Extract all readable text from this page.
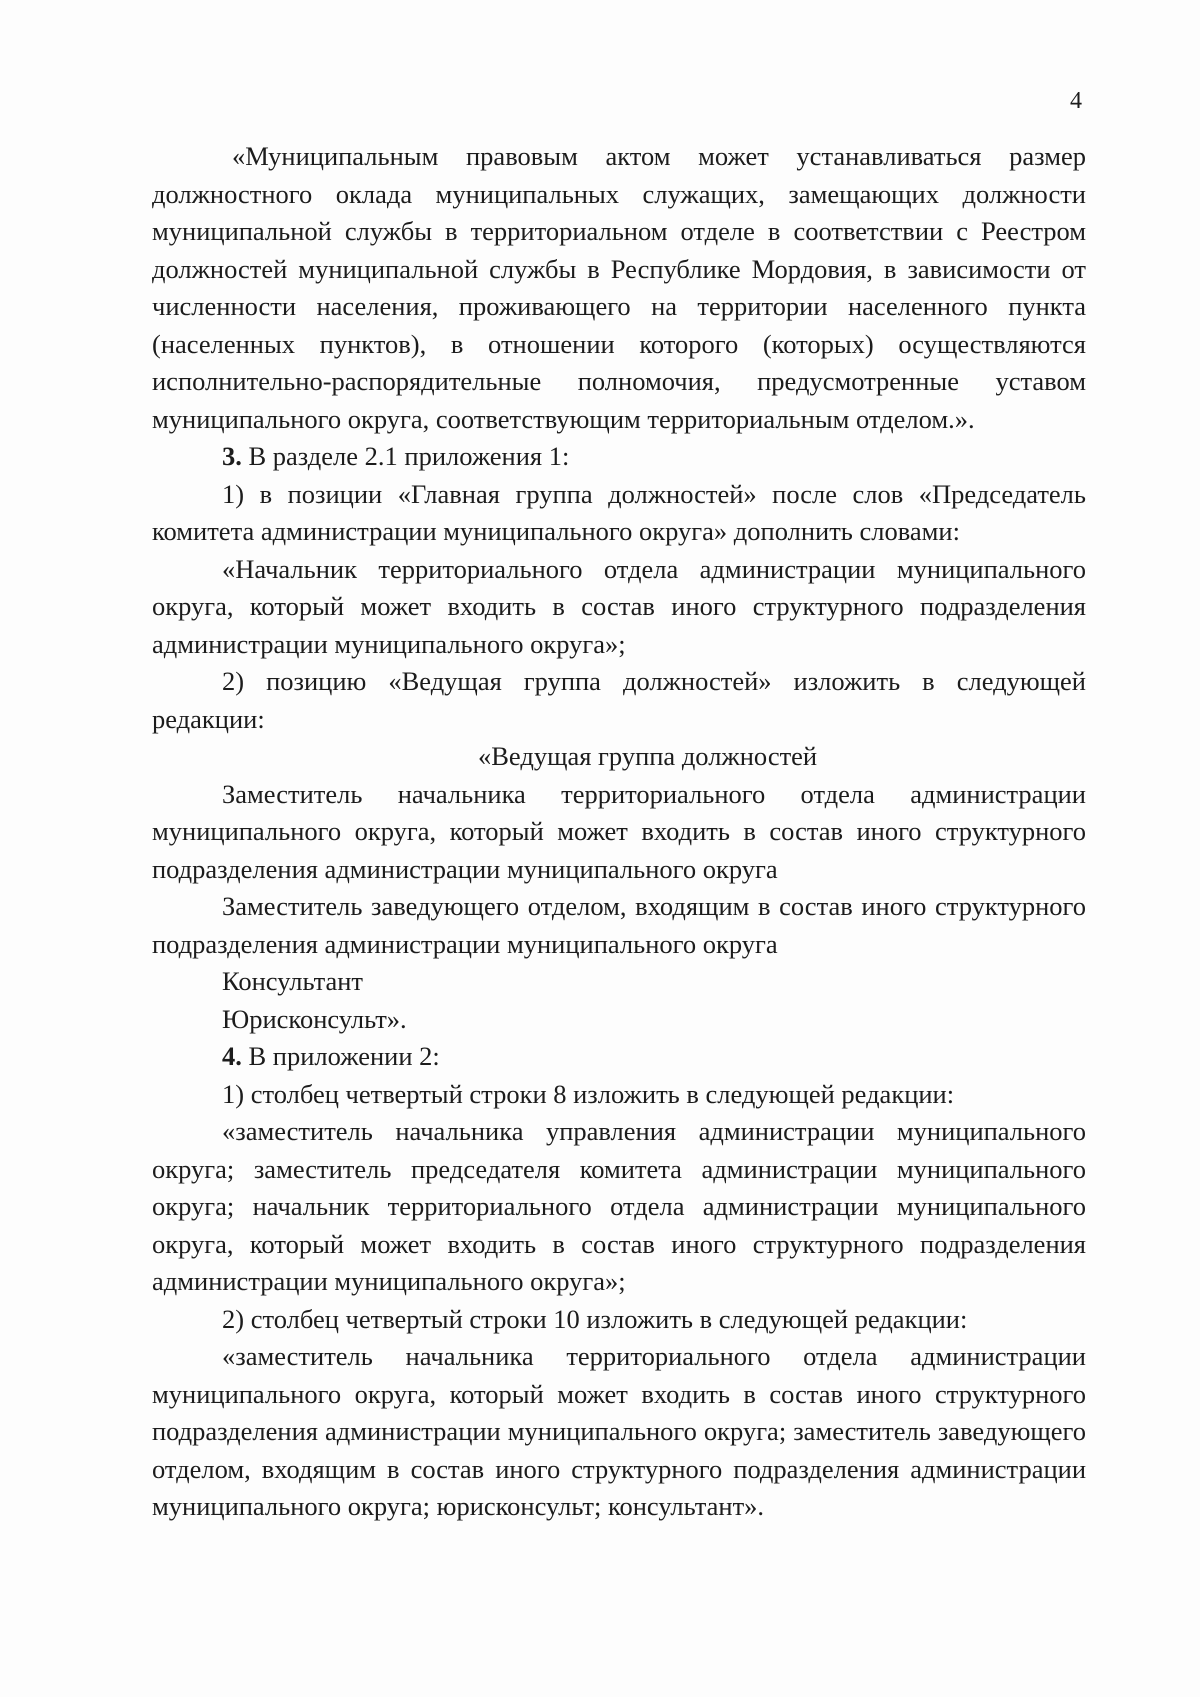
4

«Муниципальным правовым актом может устанавливаться размер должностного оклада муниципальных служащих, замещающих должности муниципальной службы в территориальном отделе в соответствии с Реестром должностей муниципальной службы в Республике Мордовия, в зависимости от численности населения, проживающего на территории населенного пункта (населенных пунктов), в отношении которого (которых) осуществляются исполнительно-распорядительные полномочия, предусмотренные уставом муниципального округа, соответствующим территориальным отделом.».

3. В разделе 2.1 приложения 1:

1) в позиции «Главная группа должностей» после слов «Председатель комитета администрации муниципального округа» дополнить словами:

«Начальник территориального отдела администрации муниципального округа, который может входить в состав иного структурного подразделения администрации муниципального округа»;

2) позицию «Ведущая группа должностей» изложить в следующей редакции:

«Ведущая группа должностей

Заместитель начальника территориального отдела администрации муниципального округа, который может входить в состав иного структурного подразделения администрации муниципального округа

Заместитель заведующего отделом, входящим в состав иного структурного подразделения администрации муниципального округа

Консультант

Юрисконсульт».

4. В приложении 2:

1) столбец четвертый строки 8 изложить в следующей редакции:

«заместитель начальника управления администрации муниципального округа; заместитель председателя комитета администрации муниципального округа; начальник территориального отдела администрации муниципального округа, который может входить в состав иного структурного подразделения администрации муниципального округа»;

2) столбец четвертый строки 10 изложить в следующей редакции:

«заместитель начальника территориального отдела администрации муниципального округа, который может входить в состав иного структурного подразделения администрации муниципального округа; заместитель заведующего отделом, входящим в состав иного структурного подразделения администрации муниципального округа; юрисконсульт; консультант».
